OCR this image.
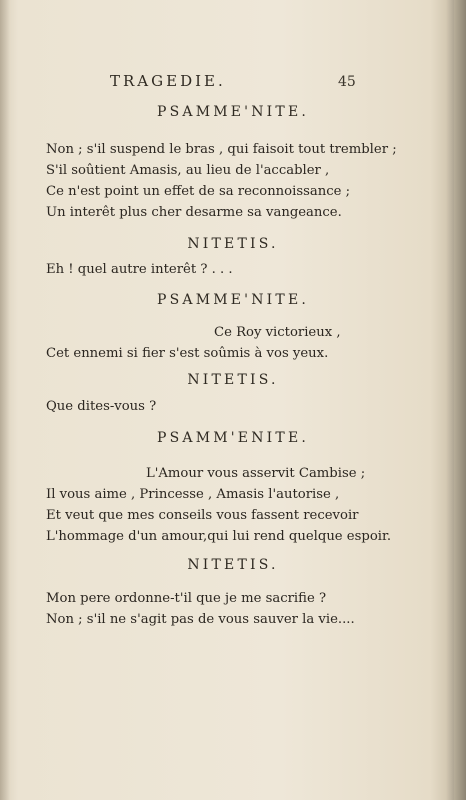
TRAGEDIE.	45
PSAMME'NITE.
Non ; s'il suspend le bras , qui faisoit tout trembler ;
S'il soûtient Amasis, au lieu de l'accabler ,
Ce n'est point un effet de sa reconnoissance ;
Un interêt plus cher desarme sa vangeance.
NITETIS.
Eh ! quel autre interêt ? . . .
PSAMME'NITE.
Ce Roy victorieux ,
Cet ennemi si fier s'est soûmis à vos yeux.
NITETIS.
Que dites-vous ?
PSAMM'ENITE.
L'Amour vous asservit Cambise ;
Il vous aime , Princesse , Amasis l'autorise ,
Et veut que mes conseils vous fassent recevoir
L'hommage d'un amour,qui lui rend quelque espoir.
NITETIS.
Mon pere ordonne-t'il que je me sacrifie ?
Non ; s'il ne s'agit pas de vous sauver la vie....
